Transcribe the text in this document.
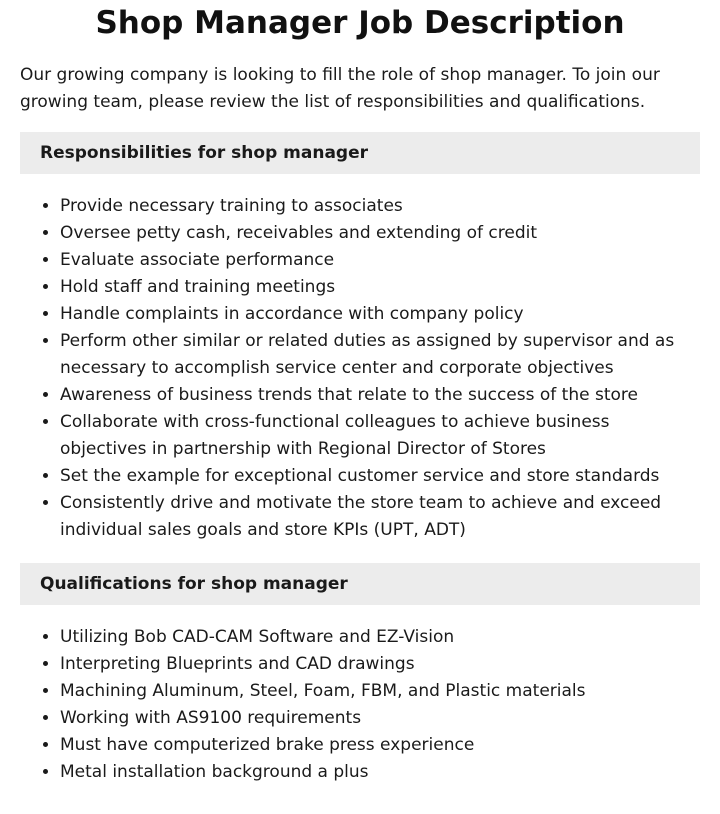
Shop Manager Job Description

Our growing company is looking to fill the role of shop manager. To join our growing team, please review the list of responsibilities and qualifications.

Responsibilities for shop manager
• Provide necessary training to associates
• Oversee petty cash, receivables and extending of credit
• Evaluate associate performance
• Hold staff and training meetings
• Handle complaints in accordance with company policy
• Perform other similar or related duties as assigned by supervisor and as necessary to accomplish service center and corporate objectives
• Awareness of business trends that relate to the success of the store
• Collaborate with cross-functional colleagues to achieve business objectives in partnership with Regional Director of Stores
• Set the example for exceptional customer service and store standards
• Consistently drive and motivate the store team to achieve and exceed individual sales goals and store KPIs (UPT, ADT)
Qualifications for shop manager
• Utilizing Bob CAD-CAM Software and EZ-Vision
• Interpreting Blueprints and CAD drawings
• Machining Aluminum, Steel, Foam, FBM, and Plastic materials
• Working with AS9100 requirements
• Must have computerized brake press experience
• Metal installation background a plus
